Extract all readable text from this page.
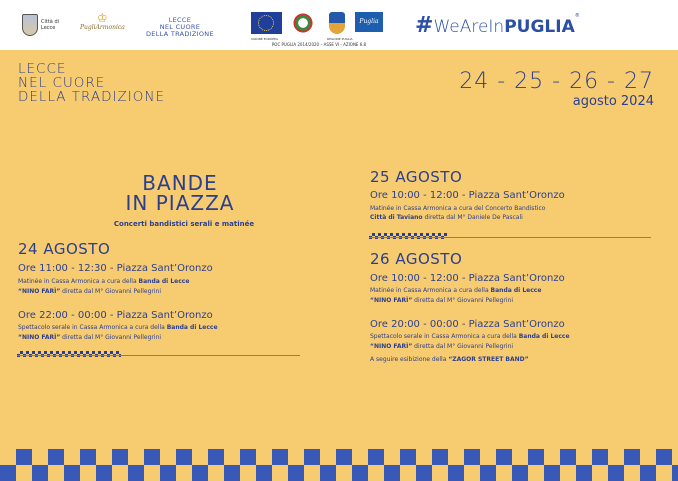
Città di Lecce
♔
PugliArmonica
LECCE
NEL CUORE
DELLA TRADIZIONE
Puglia
UNIONE EUROPEA	REGIONE PUGLIA
POC PUGLIA 2014/2020 – ASSE VI - AZIONE 6.8
#WeAreInPUGLIA®
LECCE
NEL CUORE
DELLA TRADIZIONE
24 - 25 - 26 - 27
agosto 2024
BANDE
IN PIAZZA
Concerti bandistici serali e matinée
24 AGOSTO
Ore 11:00 - 12:30 - Piazza Sant’Oronzo
Matinée in Cassa Armonica a cura della Banda di Lecce
“NINO FARÌ” diretta dal M° Giovanni Pellegrini
Ore 22:00 - 00:00 - Piazza Sant’Oronzo
Spettacolo serale in Cassa Armonica a cura della Banda di Lecce
“NINO FARÌ” diretta dal M° Giovanni Pellegrini
25 AGOSTO
Ore 10:00 - 12:00 - Piazza Sant’Oronzo
Matinée in Cassa Armonica a cura del Concerto Bandistico
Città di Taviano diretta dal M° Daniele De Pascali
26 AGOSTO
Ore 10:00 - 12:00 - Piazza Sant’Oronzo
Matinée in Cassa Armonica a cura della Banda di Lecce
“NINO FARÌ” diretta dal M° Giovanni Pellegrini
Ore 20:00 - 00:00 - Piazza Sant’Oronzo
Spettacolo serale in Cassa Armonica a cura della Banda di Lecce
“NINO FARÌ” diretta dal M° Giovanni Pellegrini
A seguire esibizione della “ZAGOR STREET BAND”
